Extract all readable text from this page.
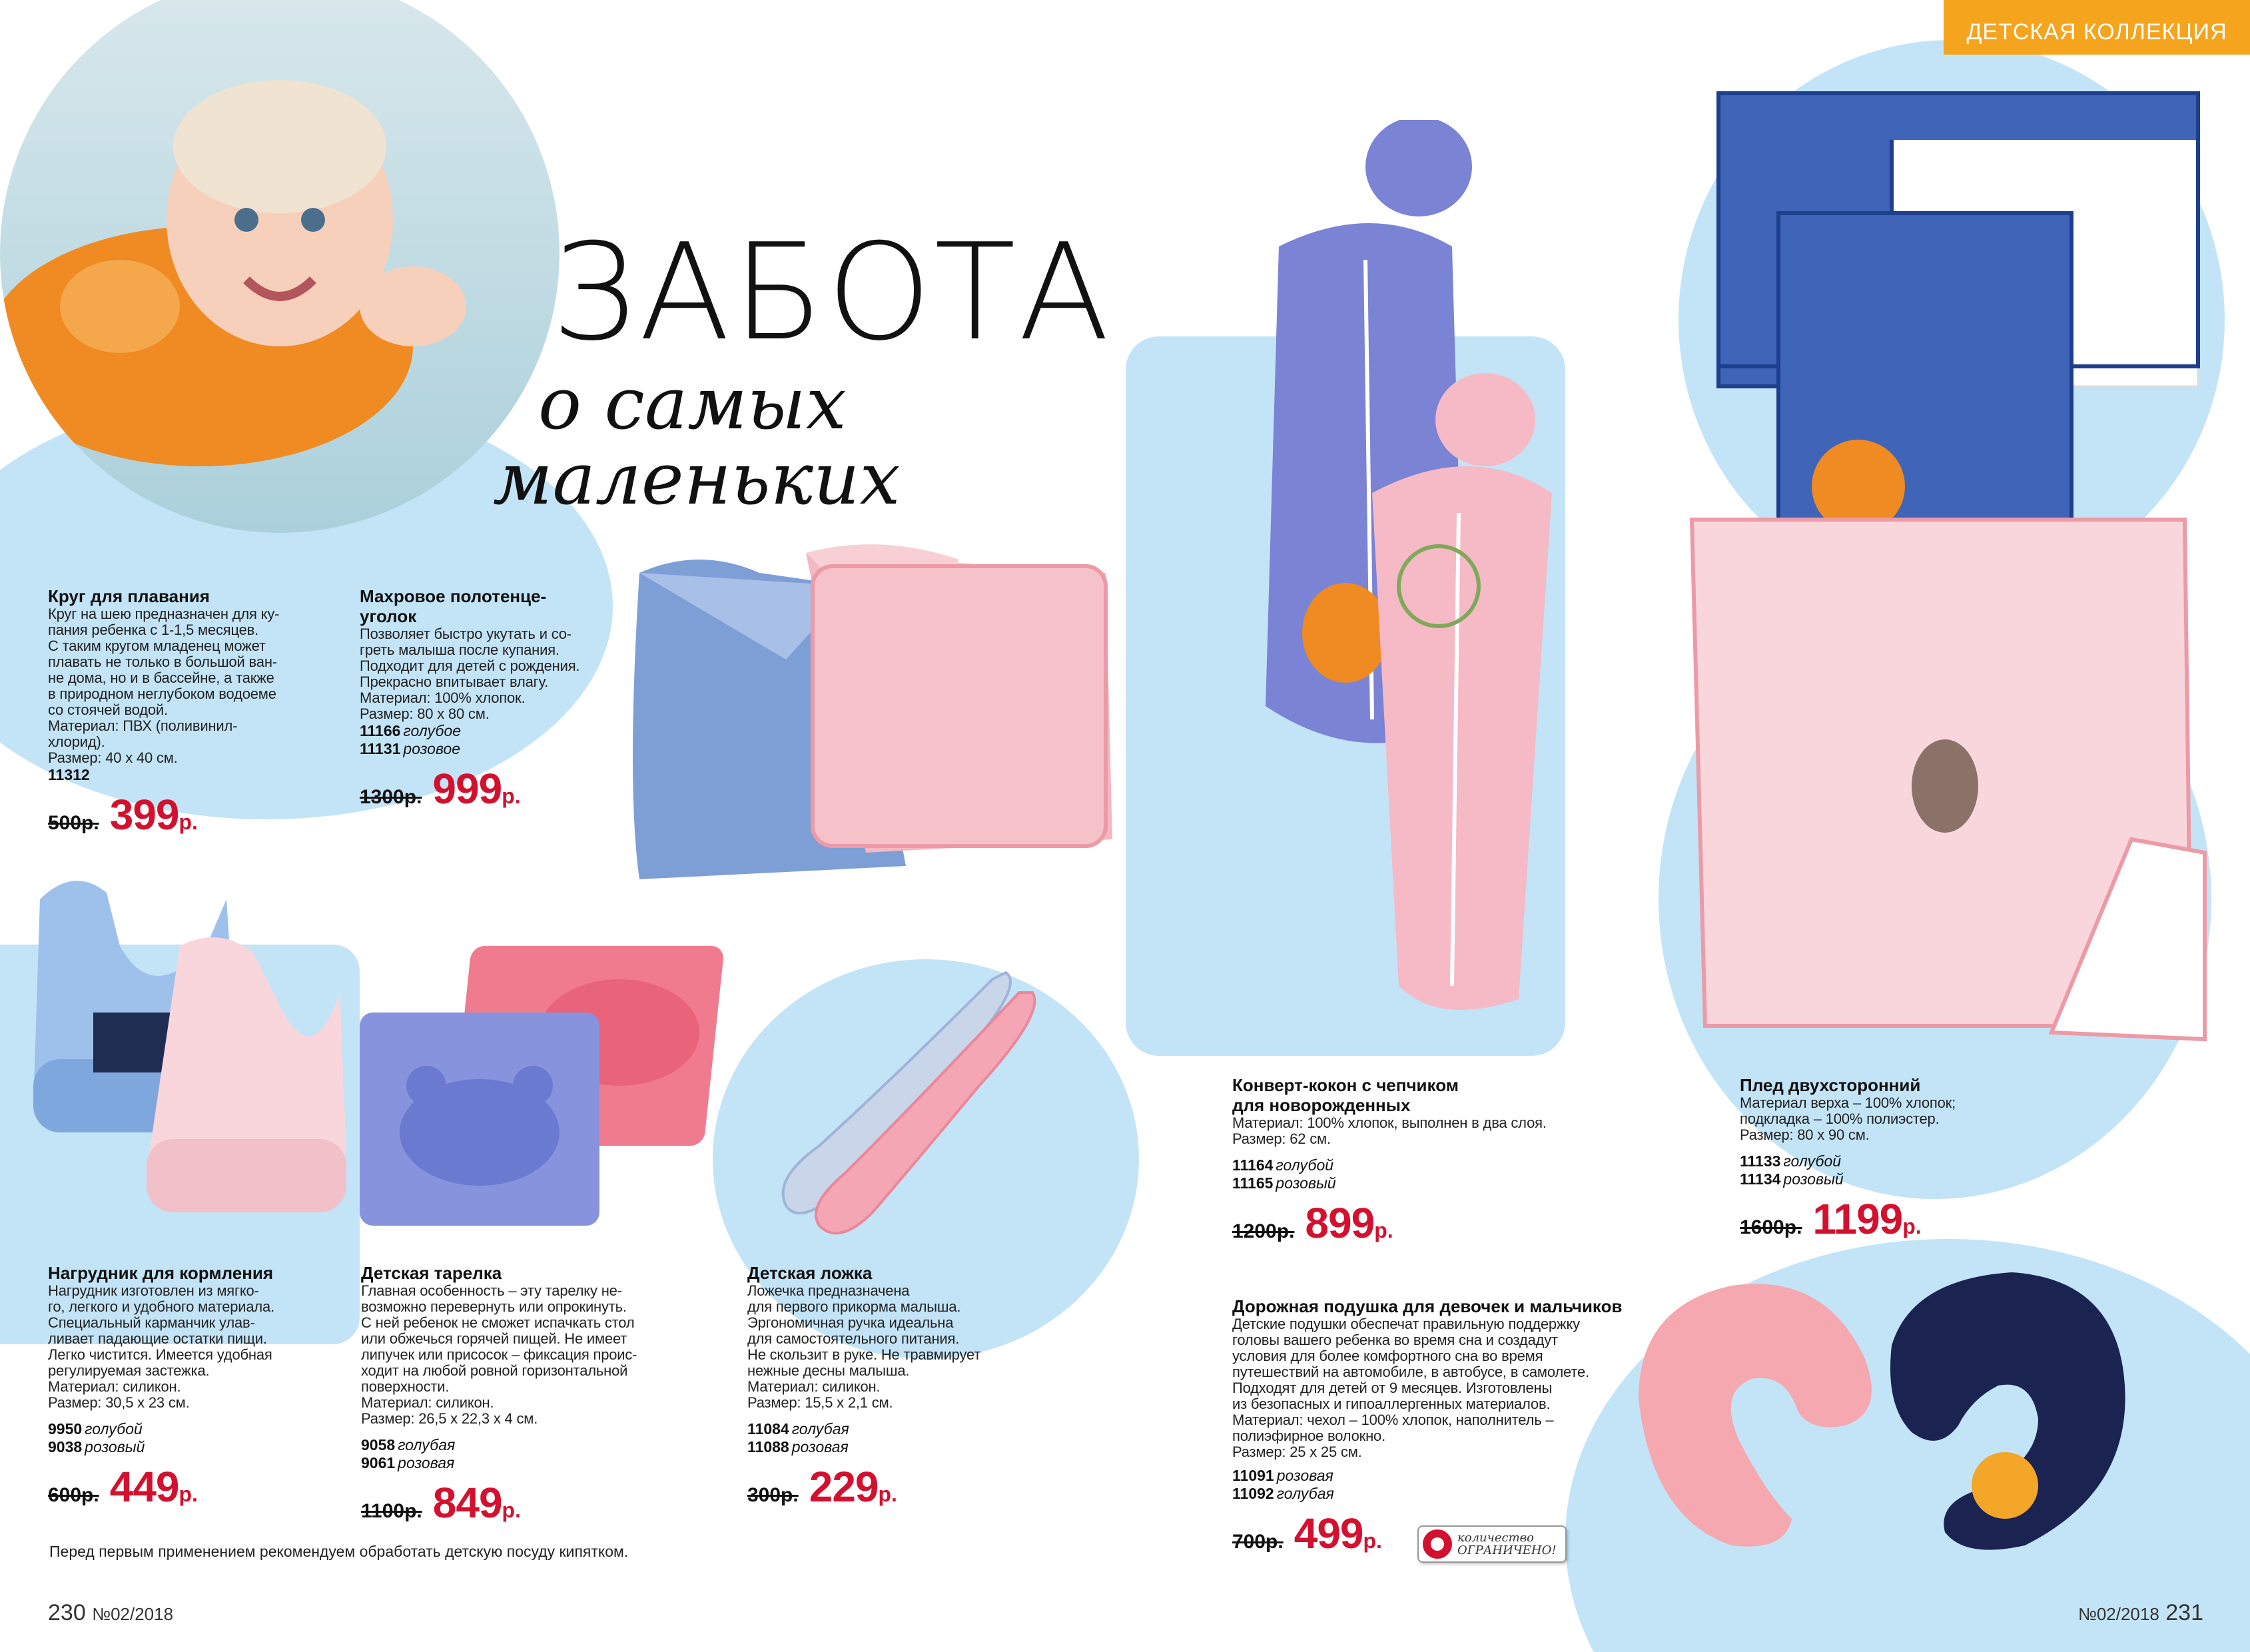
ДЕТСКАЯ КОЛЛЕКЦИЯ
ЗАБОТА
о самых
маленьких
Круг для плавания
Круг на шею предназначен для ку-
пания ребенка с 1-1,5 месяцев.
С таким кругом младенец может
плавать не только в большой ван-
не дома, но и в бассейне, а также
в природном неглубоком водоеме
со стоячей водой.
Материал: ПВХ (поливинил-
хлорид).
Размер: 40 х 40 см.
11312
500р. 399р.
Махровое полотенце-
уголок
Позволяет быстро укутать и со-
греть малыша после купания.
Подходит для детей с рождения.
Прекрасно впитывает влагу.
Материал: 100% хлопок.
Размер: 80 х 80 см.
11166 голубое
11131 розовое
1300р. 999р.
Конверт-кокон с чепчиком
для новорожденных
Материал: 100% хлопок, выполнен в два слоя.
Размер: 62 см.
11164 голубой
11165 розовый
1200р. 899р.
Плед двухсторонний
Материал верха – 100% хлопок;
подкладка – 100% полиэстер.
Размер: 80 х 90 см.
11133 голубой
11134 розовый
1600р. 1199р.
Нагрудник для кормления
Нагрудник изготовлен из мягко-
го, легкого и удобного материала.
Специальный карманчик улав-
ливает падающие остатки пищи.
Легко чистится. Имеется удобная
регулируемая застежка.
Материал: силикон.
Размер: 30,5 х 23 см.
9950 голубой
9038 розовый
600р. 449р.
Детская тарелка
Главная особенность – эту тарелку не-
возможно перевернуть или опрокинуть.
С ней ребенок не сможет испачкать стол
или обжечься горячей пищей. Не имеет
липучек или присосок – фиксация проис-
ходит на любой ровной горизонтальной
поверхности.
Материал: силикон.
Размер: 26,5 х 22,3 х 4 см.
9058 голубая
9061 розовая
1100р. 849р.
Детская ложка
Ложечка предназначена
для первого прикорма малыша.
Эргономичная ручка идеальна
для самостоятельного питания.
Не скользит в руке. Не травмирует
нежные десны малыша.
Материал: силикон.
Размер: 15,5 х 2,1 см.
11084 голубая
11088 розовая
300р. 229р.
Дорожная подушка для девочек и мальчиков
Детские подушки обеспечат правильную поддержку
головы вашего ребенка во время сна и создадут
условия для более комфортного сна во время
путешествий на автомобиле, в автобусе, в самолете.
Подходят для детей от 9 месяцев. Изготовлены
из безопасных и гипоаллергенных материалов.
Материал: чехол – 100% хлопок, наполнитель –
полиэфирное волокно.
Размер: 25 х 25 см.
11091 розовая
11092 голубая
700р. 499р.	количество
ОГРАНИЧЕНО!
Перед первым применением рекомендуем обработать детскую посуду кипятком.
230 №02/2018	№02/2018 231
